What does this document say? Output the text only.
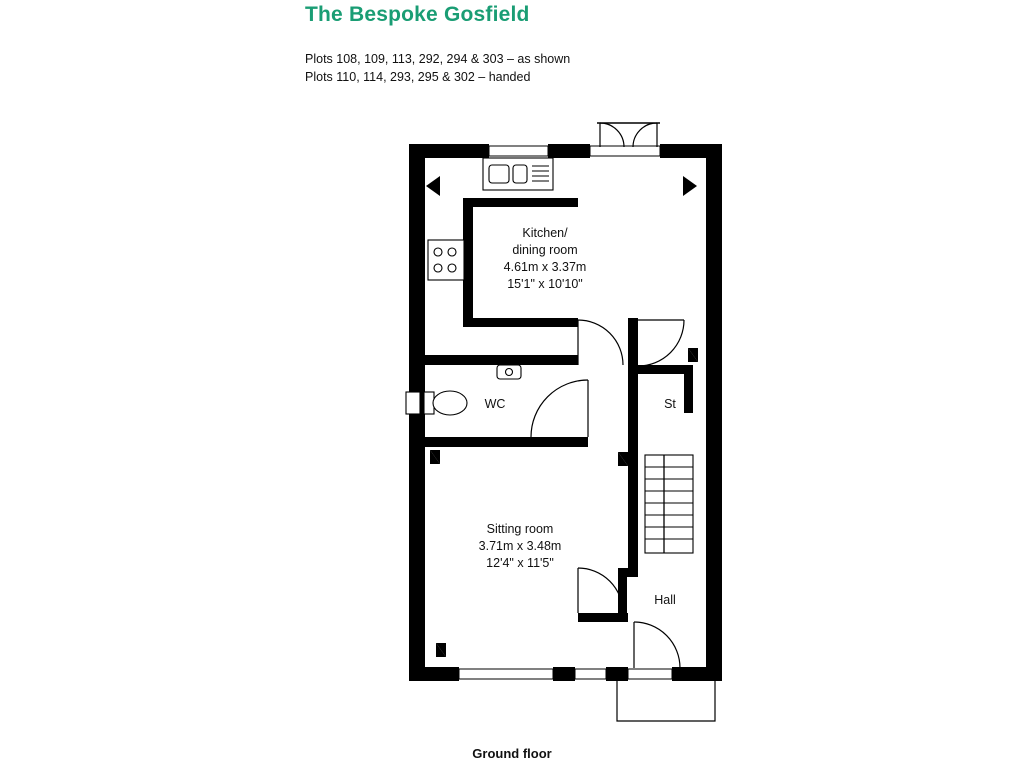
The Bespoke Gosfield
Plots 108, 109, 113, 292, 294 & 303 – as shown
Plots 110, 114, 293, 295 & 302 – handed
Kitchen/
dining room
4.61m x 3.37m
15'1" x 10'10"
WC	St
Sitting room
3.71m x 3.48m
12'4" x 11'5"
Hall
Ground floor
